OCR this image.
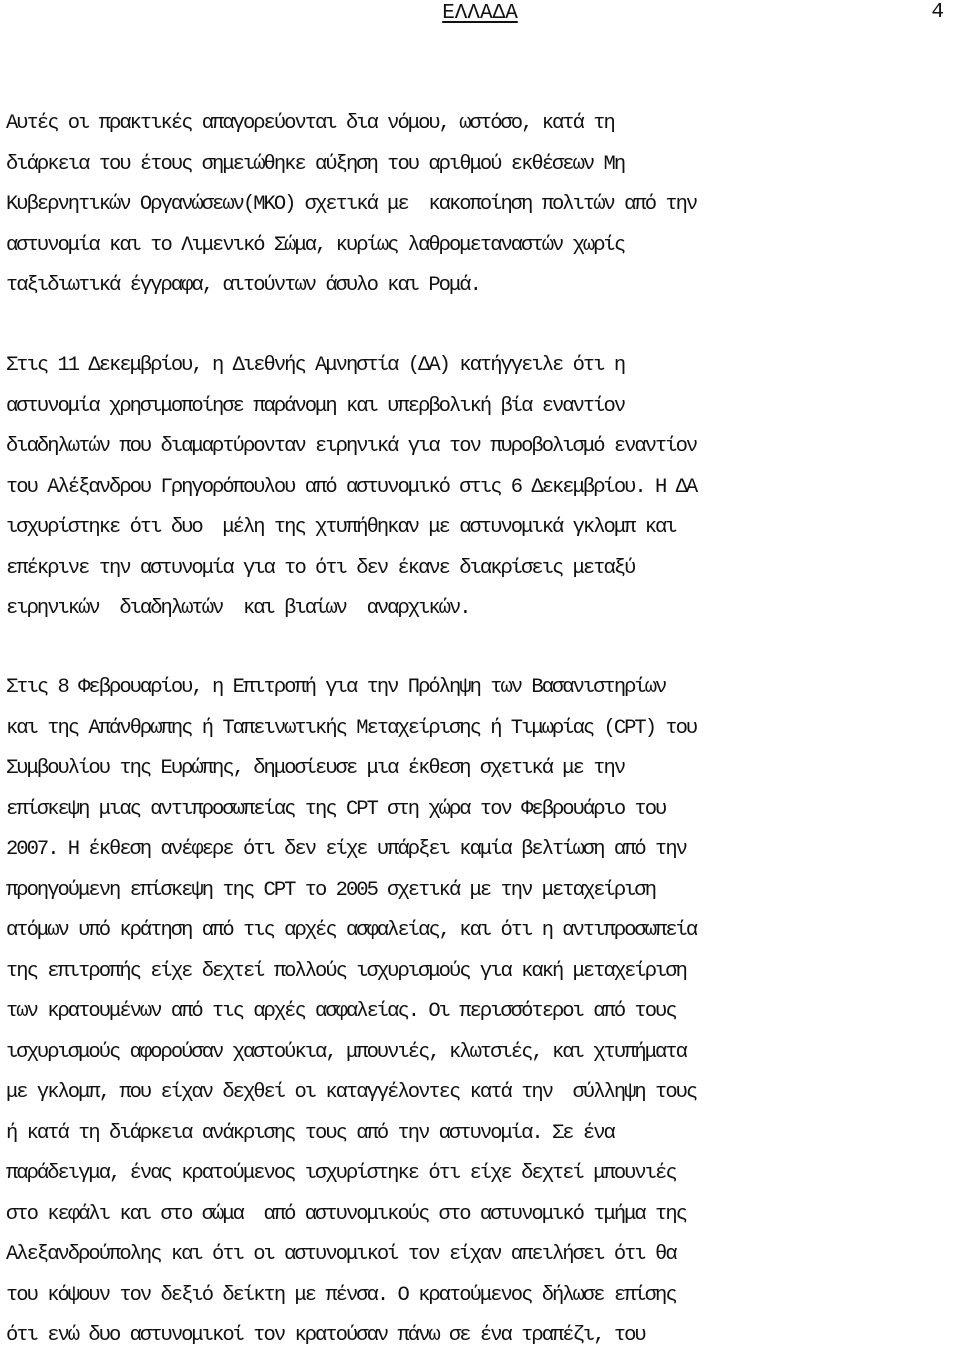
ΕΛΛΑΔΑ	4
Αυτές οι πρακτικές απαγορεύονται δια νόμου, ωστόσο, κατά τη
διάρκεια του έτους σημειώθηκε αύξηση του αριθμού εκθέσεων Μη
Κυβερνητικών Οργανώσεων(ΜΚΟ) σχετικά με  κακοποίηση πολιτών από την
αστυνομία και το Λιμενικό Σώμα, κυρίως λαθρομεταναστών χωρίς
ταξιδιωτικά έγγραφα, αιτούντων άσυλο και Ρομά.
Στις 11 Δεκεμβρίου, η Διεθνής Αμνηστία (ΔΑ) κατήγγειλε ότι η
αστυνομία χρησιμοποίησε παράνομη και υπερβολική βία εναντίον
διαδηλωτών που διαμαρτύρονταν ειρηνικά για τον πυροβολισμό εναντίον
του Αλέξανδρου Γρηγορόπουλου από αστυνομικό στις 6 Δεκεμβρίου. Η ΔΑ
ισχυρίστηκε ότι δυο  μέλη της χτυπήθηκαν με αστυνομικά γκλομπ και
επέκρινε την αστυνομία για το ότι δεν έκανε διακρίσεις μεταξύ
ειρηνικών  διαδηλωτών  και βιαίων  αναρχικών.
Στις 8 Φεβρουαρίου, η Επιτροπή για την Πρόληψη των Βασανιστηρίων
και της Απάνθρωπης ή Ταπεινωτικής Μεταχείρισης ή Τιμωρίας (CPT) του
Συμβουλίου της Ευρώπης, δημοσίευσε μια έκθεση σχετικά με την
επίσκεψη μιας αντιπροσωπείας της CPT στη χώρα τον Φεβρουάριο του
2007. Η έκθεση ανέφερε ότι δεν είχε υπάρξει καμία βελτίωση από την
προηγούμενη επίσκεψη της CPT το 2005 σχετικά με την μεταχείριση
ατόμων υπό κράτηση από τις αρχές ασφαλείας, και ότι η αντιπροσωπεία
της επιτροπής είχε δεχτεί πολλούς ισχυρισμούς για κακή μεταχείριση
των κρατουμένων από τις αρχές ασφαλείας. Οι περισσότεροι από τους
ισχυρισμούς αφορούσαν χαστούκια, μπουνιές, κλωτσιές, και χτυπήματα
με γκλομπ, που είχαν δεχθεί οι καταγγέλοντες κατά την  σύλληψη τους
ή κατά τη διάρκεια ανάκρισης τους από την αστυνομία. Σε ένα
παράδειγμα, ένας κρατούμενος ισχυρίστηκε ότι είχε δεχτεί μπουνιές
στο κεφάλι και στο σώμα  από αστυνομικούς στο αστυνομικό τμήμα της
Αλεξανδρούπολης και ότι οι αστυνομικοί τον είχαν απειλήσει ότι θα
του κόψουν τον δεξιό δείκτη με πένσα. Ο κρατούμενος δήλωσε επίσης
ότι ενώ δυο αστυνομικοί τον κρατούσαν πάνω σε ένα τραπέζι, του
